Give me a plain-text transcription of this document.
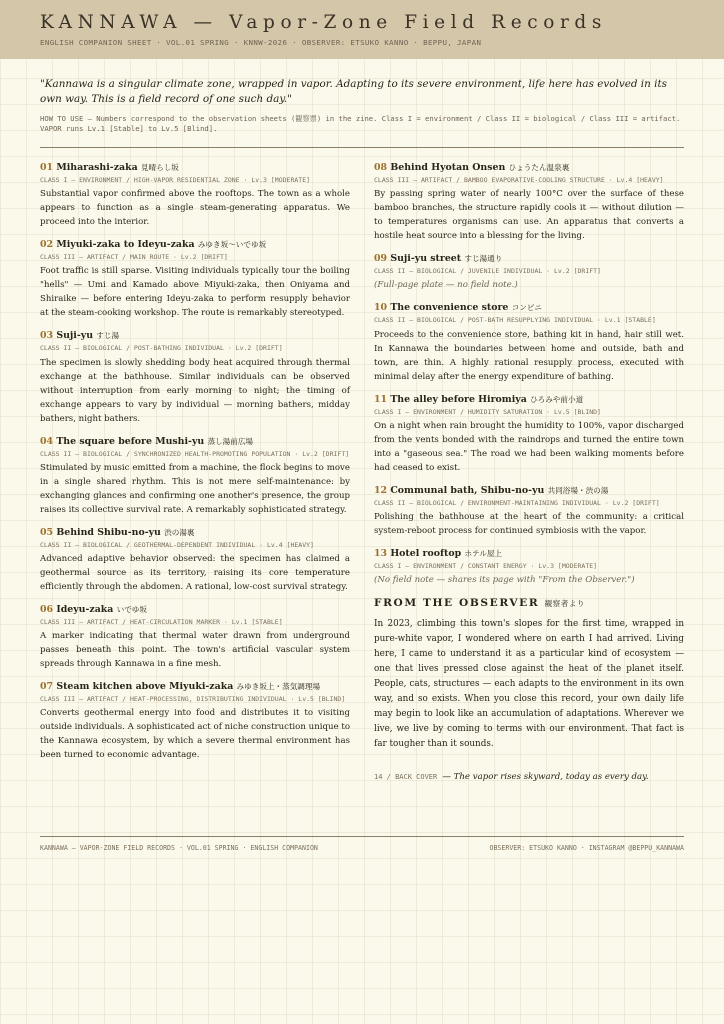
KANNAWA — Vapor-Zone Field Records
ENGLISH COMPANION SHEET · VOL.01 SPRING · KNNW-2026 · OBSERVER: ETSUKO KANNO · BEPPU, JAPAN
"Kannawa is a singular climate zone, wrapped in vapor. Adapting to its severe environment, life here has evolved in its own way. This is a field record of one such day."
HOW TO USE — Numbers correspond to the observation sheets (観察票) in the zine. Class I = environment / Class II = biological / Class III = artifact. VAPOR runs Lv.1 [Stable] to Lv.5 [Blind].
01 Miharashi-zaka 見晴らし坂
CLASS I — ENVIRONMENT / HIGH-VAPOR RESIDENTIAL ZONE · Lv.3 [MODERATE]
Substantial vapor confirmed above the rooftops. The town as a whole appears to function as a single steam-generating apparatus. We proceed into the interior.
02 Miyuki-zaka to Ideyu-zaka みゆき坂〜いでゆ坂
CLASS III — ARTIFACT / MAIN ROUTE · Lv.2 [DRIFT]
Foot traffic is still sparse. Visiting individuals typically tour the boiling "hells" — Umi and Kamado above Miyuki-zaka, then Oniyama and Shiraike — before entering Ideyu-zaka to perform resupply behavior at the steam-cooking workshop. The route is remarkably stereotyped.
03 Suji-yu すじ湯
CLASS II — BIOLOGICAL / POST-BATHING INDIVIDUAL · Lv.2 [DRIFT]
The specimen is slowly shedding body heat acquired through thermal exchange at the bathhouse. Similar individuals can be observed without interruption from early morning to night; the timing of exchange appears to vary by individual — morning bathers, midday bathers, night bathers.
04 The square before Mushi-yu 蒸し湯前広場
CLASS II — BIOLOGICAL / SYNCHRONIZED HEALTH-PROMOTING POPULATION · Lv.2 [DRIFT]
Stimulated by music emitted from a machine, the flock begins to move in a single shared rhythm. This is not mere self-maintenance: by exchanging glances and confirming one another's presence, the group raises its collective survival rate. A remarkably sophisticated strategy.
05 Behind Shibu-no-yu 渋の湯裏
CLASS II — BIOLOGICAL / GEOTHERMAL-DEPENDENT INDIVIDUAL · Lv.4 [HEAVY]
Advanced adaptive behavior observed: the specimen has claimed a geothermal source as its territory, raising its core temperature efficiently through the abdomen. A rational, low-cost survival strategy.
06 Ideyu-zaka いでゆ坂
CLASS III — ARTIFACT / HEAT-CIRCULATION MARKER · Lv.1 [STABLE]
A marker indicating that thermal water drawn from underground passes beneath this point. The town's artificial vascular system spreads through Kannawa in a fine mesh.
07 Steam kitchen above Miyuki-zaka みゆき坂上・蒸気調理場
CLASS III — ARTIFACT / HEAT-PROCESSING, DISTRIBUTING INDIVIDUAL · Lv.5 [BLIND]
Converts geothermal energy into food and distributes it to visiting outside individuals. A sophisticated act of niche construction unique to the Kannawa ecosystem, by which a severe thermal environment has been turned to economic advantage.
08 Behind Hyotan Onsen ひょうたん温泉裏
CLASS III — ARTIFACT / BAMBOO EVAPORATIVE-COOLING STRUCTURE · Lv.4 [HEAVY]
By passing spring water of nearly 100°C over the surface of these bamboo branches, the structure rapidly cools it — without dilution — to temperatures organisms can use. An apparatus that converts a hostile heat source into a blessing for the living.
09 Suji-yu street すじ湯通り
CLASS II — BIOLOGICAL / JUVENILE INDIVIDUAL · Lv.2 [DRIFT]
(Full-page plate — no field note.)
10 The convenience store コンビニ
CLASS II — BIOLOGICAL / POST-BATH RESUPPLYING INDIVIDUAL · Lv.1 [STABLE]
Proceeds to the convenience store, bathing kit in hand, hair still wet. In Kannawa the boundaries between home and outside, bath and town, are thin. A highly rational resupply process, executed with minimal delay after the energy expenditure of bathing.
11 The alley before Hiromiya ひろみや前小道
CLASS I — ENVIRONMENT / HUMIDITY SATURATION · Lv.5 [BLIND]
On a night when rain brought the humidity to 100%, vapor discharged from the vents bonded with the raindrops and turned the entire town into a "gaseous sea." The road we had been walking moments before had ceased to exist.
12 Communal bath, Shibu-no-yu 共同浴場・渋の湯
CLASS II — BIOLOGICAL / ENVIRONMENT-MAINTAINING INDIVIDUAL · Lv.2 [DRIFT]
Polishing the bathhouse at the heart of the community: a critical system-reboot process for continued symbiosis with the vapor.
13 Hotel rooftop ホテル屋上
CLASS I — ENVIRONMENT / CONSTANT ENERGY · Lv.3 [MODERATE]
(No field note — shares its page with "From the Observer.")
FROM THE OBSERVER 観察者より
In 2023, climbing this town's slopes for the first time, wrapped in pure-white vapor, I wondered where on earth I had arrived. Living here, I came to understand it as a particular kind of ecosystem — one that lives pressed close against the heat of the planet itself. People, cats, structures — each adapts to the environment in its own way, and so exists. When you close this record, your own daily life may begin to look like an accumulation of adaptations. Wherever we live, we live by coming to terms with our environment. That fact is far tougher than it sounds.
14 / BACK COVER — The vapor rises skyward, today as every day.
KANNAWA — VAPOR-ZONE FIELD RECORDS · VOL.01 SPRING · ENGLISH COMPANION	OBSERVER: ETSUKO KANNO · INSTAGRAM @BEPPU_KANNAWA
